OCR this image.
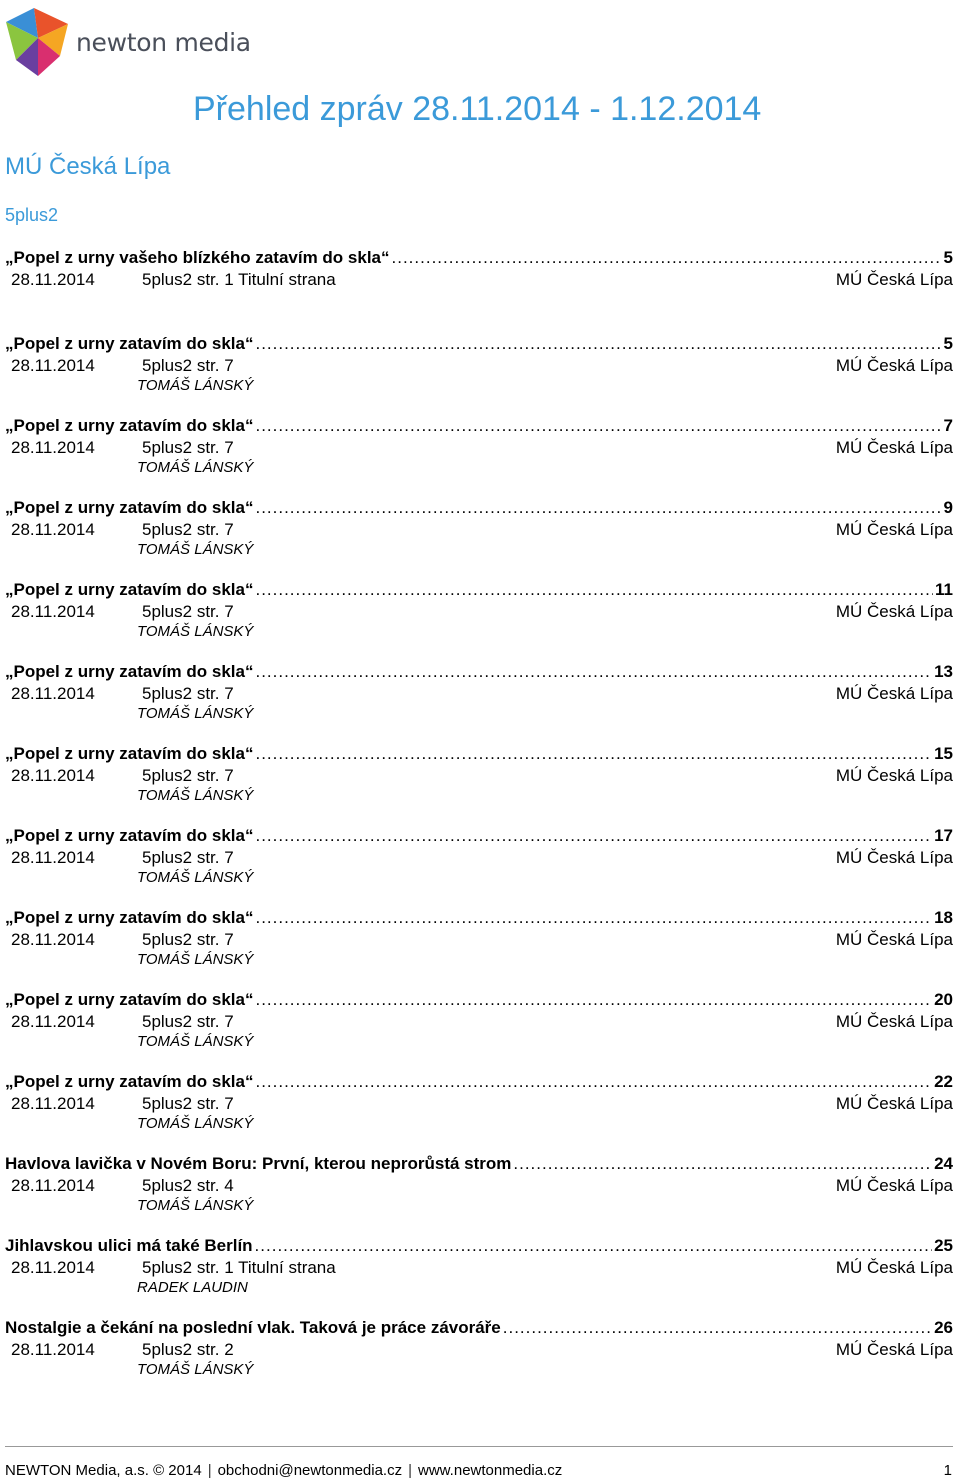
newton media
Přehled zpráv 28.11.2014 - 1.12.2014
MÚ Česká Lípa
5plus2
„Popel z urny vašeho blízkého zatavím do skla“ .....	5
28.11.2014	5plus2 str. 1 Titulní strana	MÚ Česká Lípa
„Popel z urny zatavím do skla“ .....	5
28.11.2014	5plus2 str. 7	MÚ Česká Lípa
TOMÁŠ LÁNSKÝ
„Popel z urny zatavím do skla“ .....	7
28.11.2014	5plus2 str. 7	MÚ Česká Lípa
TOMÁŠ LÁNSKÝ
„Popel z urny zatavím do skla“ .....	9
28.11.2014	5plus2 str. 7	MÚ Česká Lípa
TOMÁŠ LÁNSKÝ
„Popel z urny zatavím do skla“ .....	11
28.11.2014	5plus2 str. 7	MÚ Česká Lípa
TOMÁŠ LÁNSKÝ
„Popel z urny zatavím do skla“ .....	13
28.11.2014	5plus2 str. 7	MÚ Česká Lípa
TOMÁŠ LÁNSKÝ
„Popel z urny zatavím do skla“ .....	15
28.11.2014	5plus2 str. 7	MÚ Česká Lípa
TOMÁŠ LÁNSKÝ
„Popel z urny zatavím do skla“ .....	17
28.11.2014	5plus2 str. 7	MÚ Česká Lípa
TOMÁŠ LÁNSKÝ
„Popel z urny zatavím do skla“ .....	18
28.11.2014	5plus2 str. 7	MÚ Česká Lípa
TOMÁŠ LÁNSKÝ
„Popel z urny zatavím do skla“ .....	20
28.11.2014	5plus2 str. 7	MÚ Česká Lípa
TOMÁŠ LÁNSKÝ
„Popel z urny zatavím do skla“ .....	22
28.11.2014	5plus2 str. 7	MÚ Česká Lípa
TOMÁŠ LÁNSKÝ
Havlova lavička v Novém Boru: První, kterou neprorůstá strom .....	24
28.11.2014	5plus2 str. 4	MÚ Česká Lípa
TOMÁŠ LÁNSKÝ
Jihlavskou ulici má také Berlín .....	25
28.11.2014	5plus2 str. 1 Titulní strana	MÚ Česká Lípa
RADEK LAUDIN
Nostalgie a čekání na poslední vlak. Taková je práce závoráře .....	26
28.11.2014	5plus2 str. 2	MÚ Česká Lípa
TOMÁŠ LÁNSKÝ
NEWTON Media, a.s. © 2014 | obchodni@newtonmedia.cz | www.newtonmedia.cz	1
